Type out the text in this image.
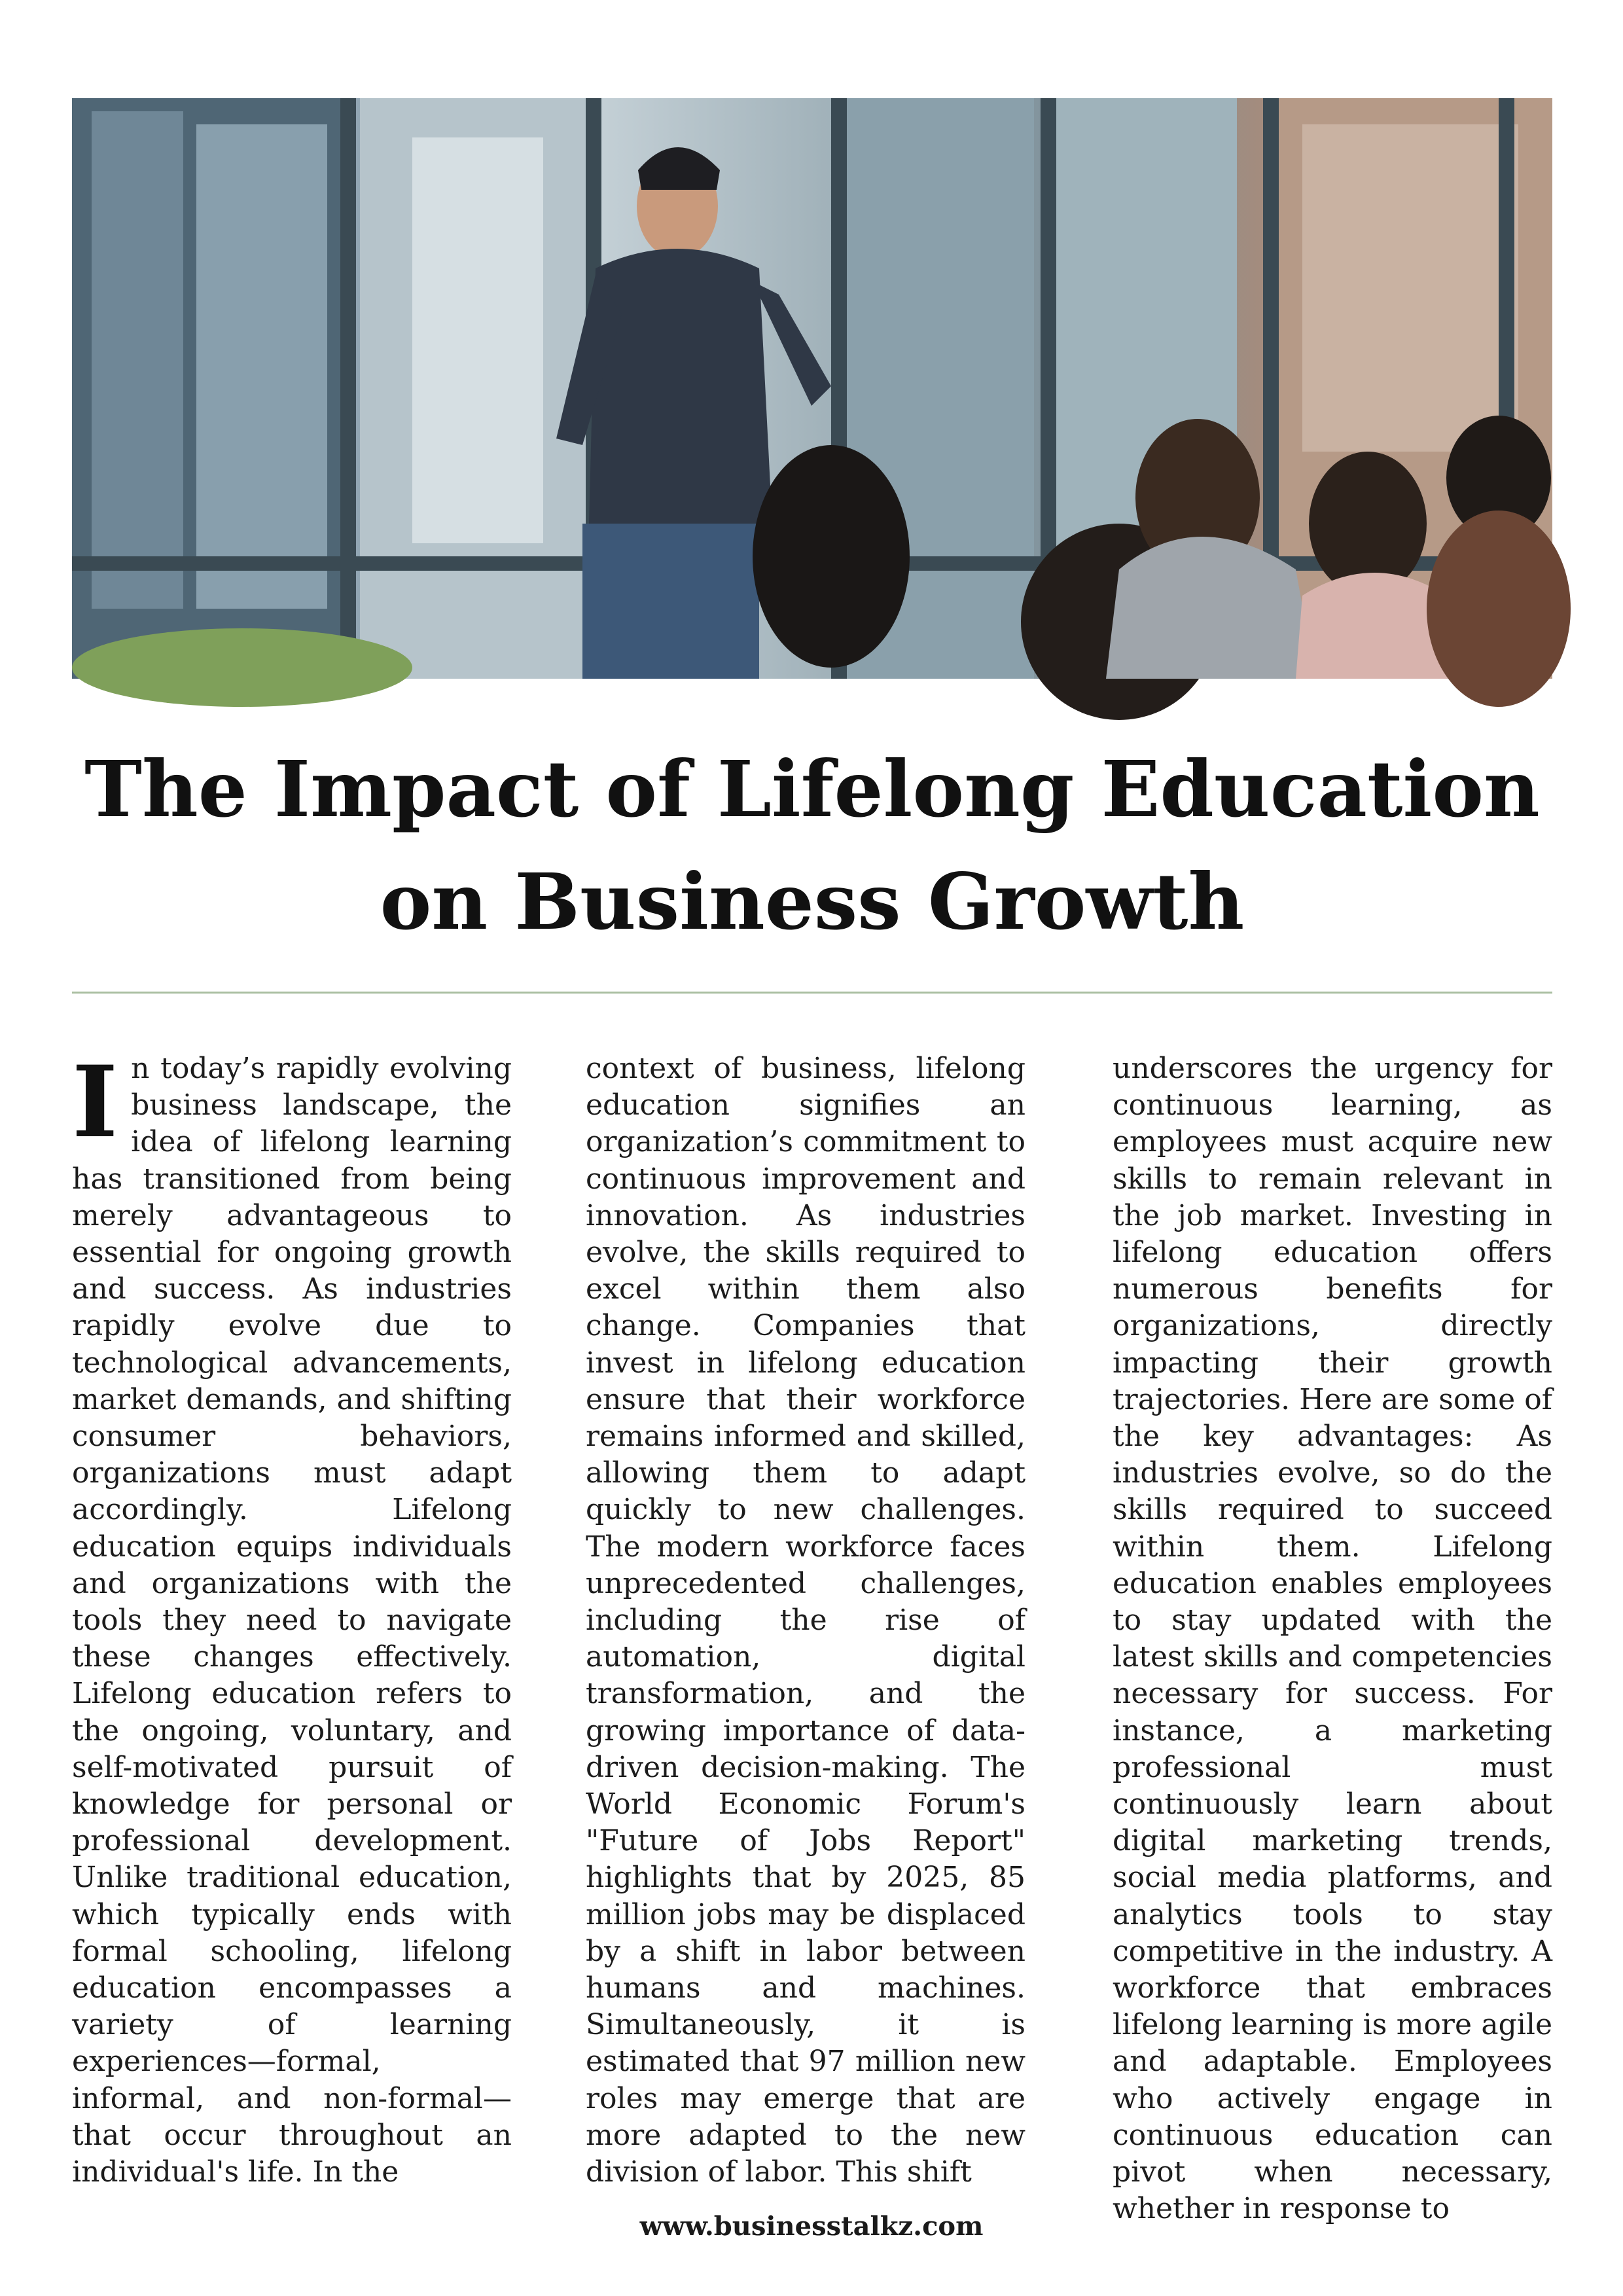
The Impact of Lifelong Education on Business Growth
I n today’s rapidly evolving business landscape, the idea of lifelong learning has transitioned from being merely advantageous to essential for ongoing growth and success. As industries rapidly evolve due to technological advancements, market demands, and shifting consumer behaviors, organizations must adapt accordingly. Lifelong education equips individuals and organizations with the tools they need to navigate these changes effectively. Lifelong education refers to the ongoing, voluntary, and self-motivated pursuit of knowledge for personal or professional development. Unlike traditional education, which typically ends with formal schooling, lifelong education encompasses a variety of learning experiences—formal, informal, and non-formal—that occur throughout an individual's life. In the

context of business, lifelong education signifies an organization’s commitment to continuous improvement and innovation. As industries evolve, the skills required to excel within them also change. Companies that invest in lifelong education ensure that their workforce remains informed and skilled, allowing them to adapt quickly to new challenges. The modern workforce faces unprecedented challenges, including the rise of automation, digital transformation, and the growing importance of data-driven decision-making. The World Economic Forum's "Future of Jobs Report" highlights that by 2025, 85 million jobs may be displaced by a shift in labor between humans and machines. Simultaneously, it is estimated that 97 million new roles may emerge that are more adapted to the new division of labor. This shift

underscores the urgency for continuous learning, as employees must acquire new skills to remain relevant in the job market. Investing in lifelong education offers numerous benefits for organizations, directly impacting their growth trajectories. Here are some of the key advantages: As industries evolve, so do the skills required to succeed within them. Lifelong education enables employees to stay updated with the latest skills and competencies necessary for success. For instance, a marketing professional must continuously learn about digital marketing trends, social media platforms, and analytics tools to stay competitive in the industry. A workforce that embraces lifelong learning is more agile and adaptable. Employees who actively engage in continuous education can pivot when necessary, whether in response to

www.businesstalkz.com
